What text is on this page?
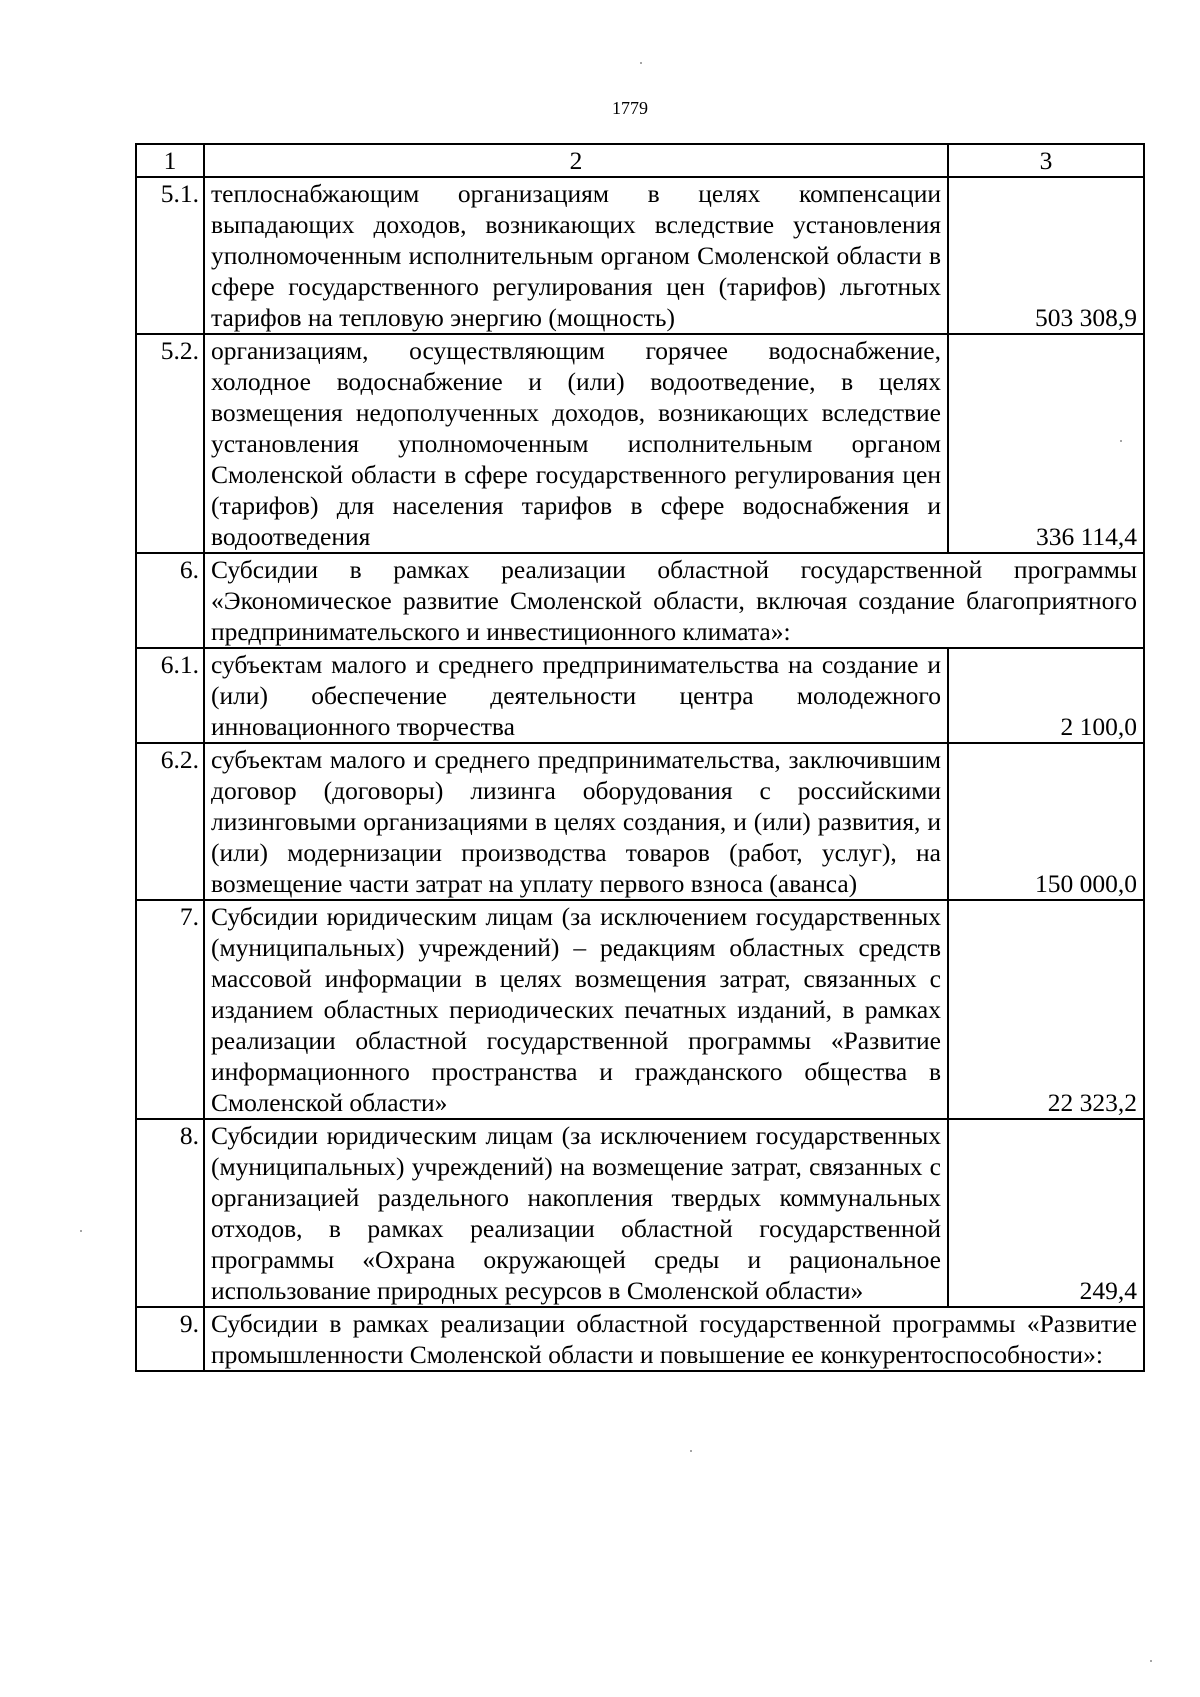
1779
1	2	3
5.1.	теплоснабжающим организациям в целях компенсации выпадающих доходов, возникающих вследствие установления уполномоченным исполнительным органом Смоленской области в сфере государственного регулирования цен (тарифов) льготных тарифов на тепловую энергию (мощность)	503 308,9
5.2.	организациям, осуществляющим горячее водоснабжение, холодное водоснабжение и (или) водоотведение, в целях возмещения недополученных доходов, возникающих вследствие установления уполномоченным исполнительным органом Смоленской области в сфере государственного регулирования цен (тарифов) для населения тарифов в сфере водоснабжения и водоотведения	336 114,4
6.	Субсидии в рамках реализации областной государственной программы «Экономическое развитие Смоленской области, включая создание благоприятного предпринимательского и инвестиционного климата»:	
6.1.	субъектам малого и среднего предпринимательства на создание и (или) обеспечение деятельности центра молодежного инновационного творчества	2 100,0
6.2.	субъектам малого и среднего предпринимательства, заключившим договор (договоры) лизинга оборудования с российскими лизинговыми организациями в целях создания, и (или) развития, и (или) модернизации производства товаров (работ, услуг), на возмещение части затрат на уплату первого взноса (аванса)	150 000,0
7.	Субсидии юридическим лицам (за исключением государственных (муниципальных) учреждений) – редакциям областных средств массовой информации в целях возмещения затрат, связанных с изданием областных периодических печатных изданий, в рамках реализации областной государственной программы «Развитие информационного пространства и гражданского общества в Смоленской области»	22 323,2
8.	Субсидии юридическим лицам (за исключением государственных (муниципальных) учреждений) на возмещение затрат, связанных с организацией раздельного накопления твердых коммунальных отходов, в рамках реализации областной государственной программы «Охрана окружающей среды и рациональное использование природных ресурсов в Смоленской области»	249,4
9.	Субсидии в рамках реализации областной государственной программы «Развитие промышленности Смоленской области и повышение ее конкурентоспособности»:	
